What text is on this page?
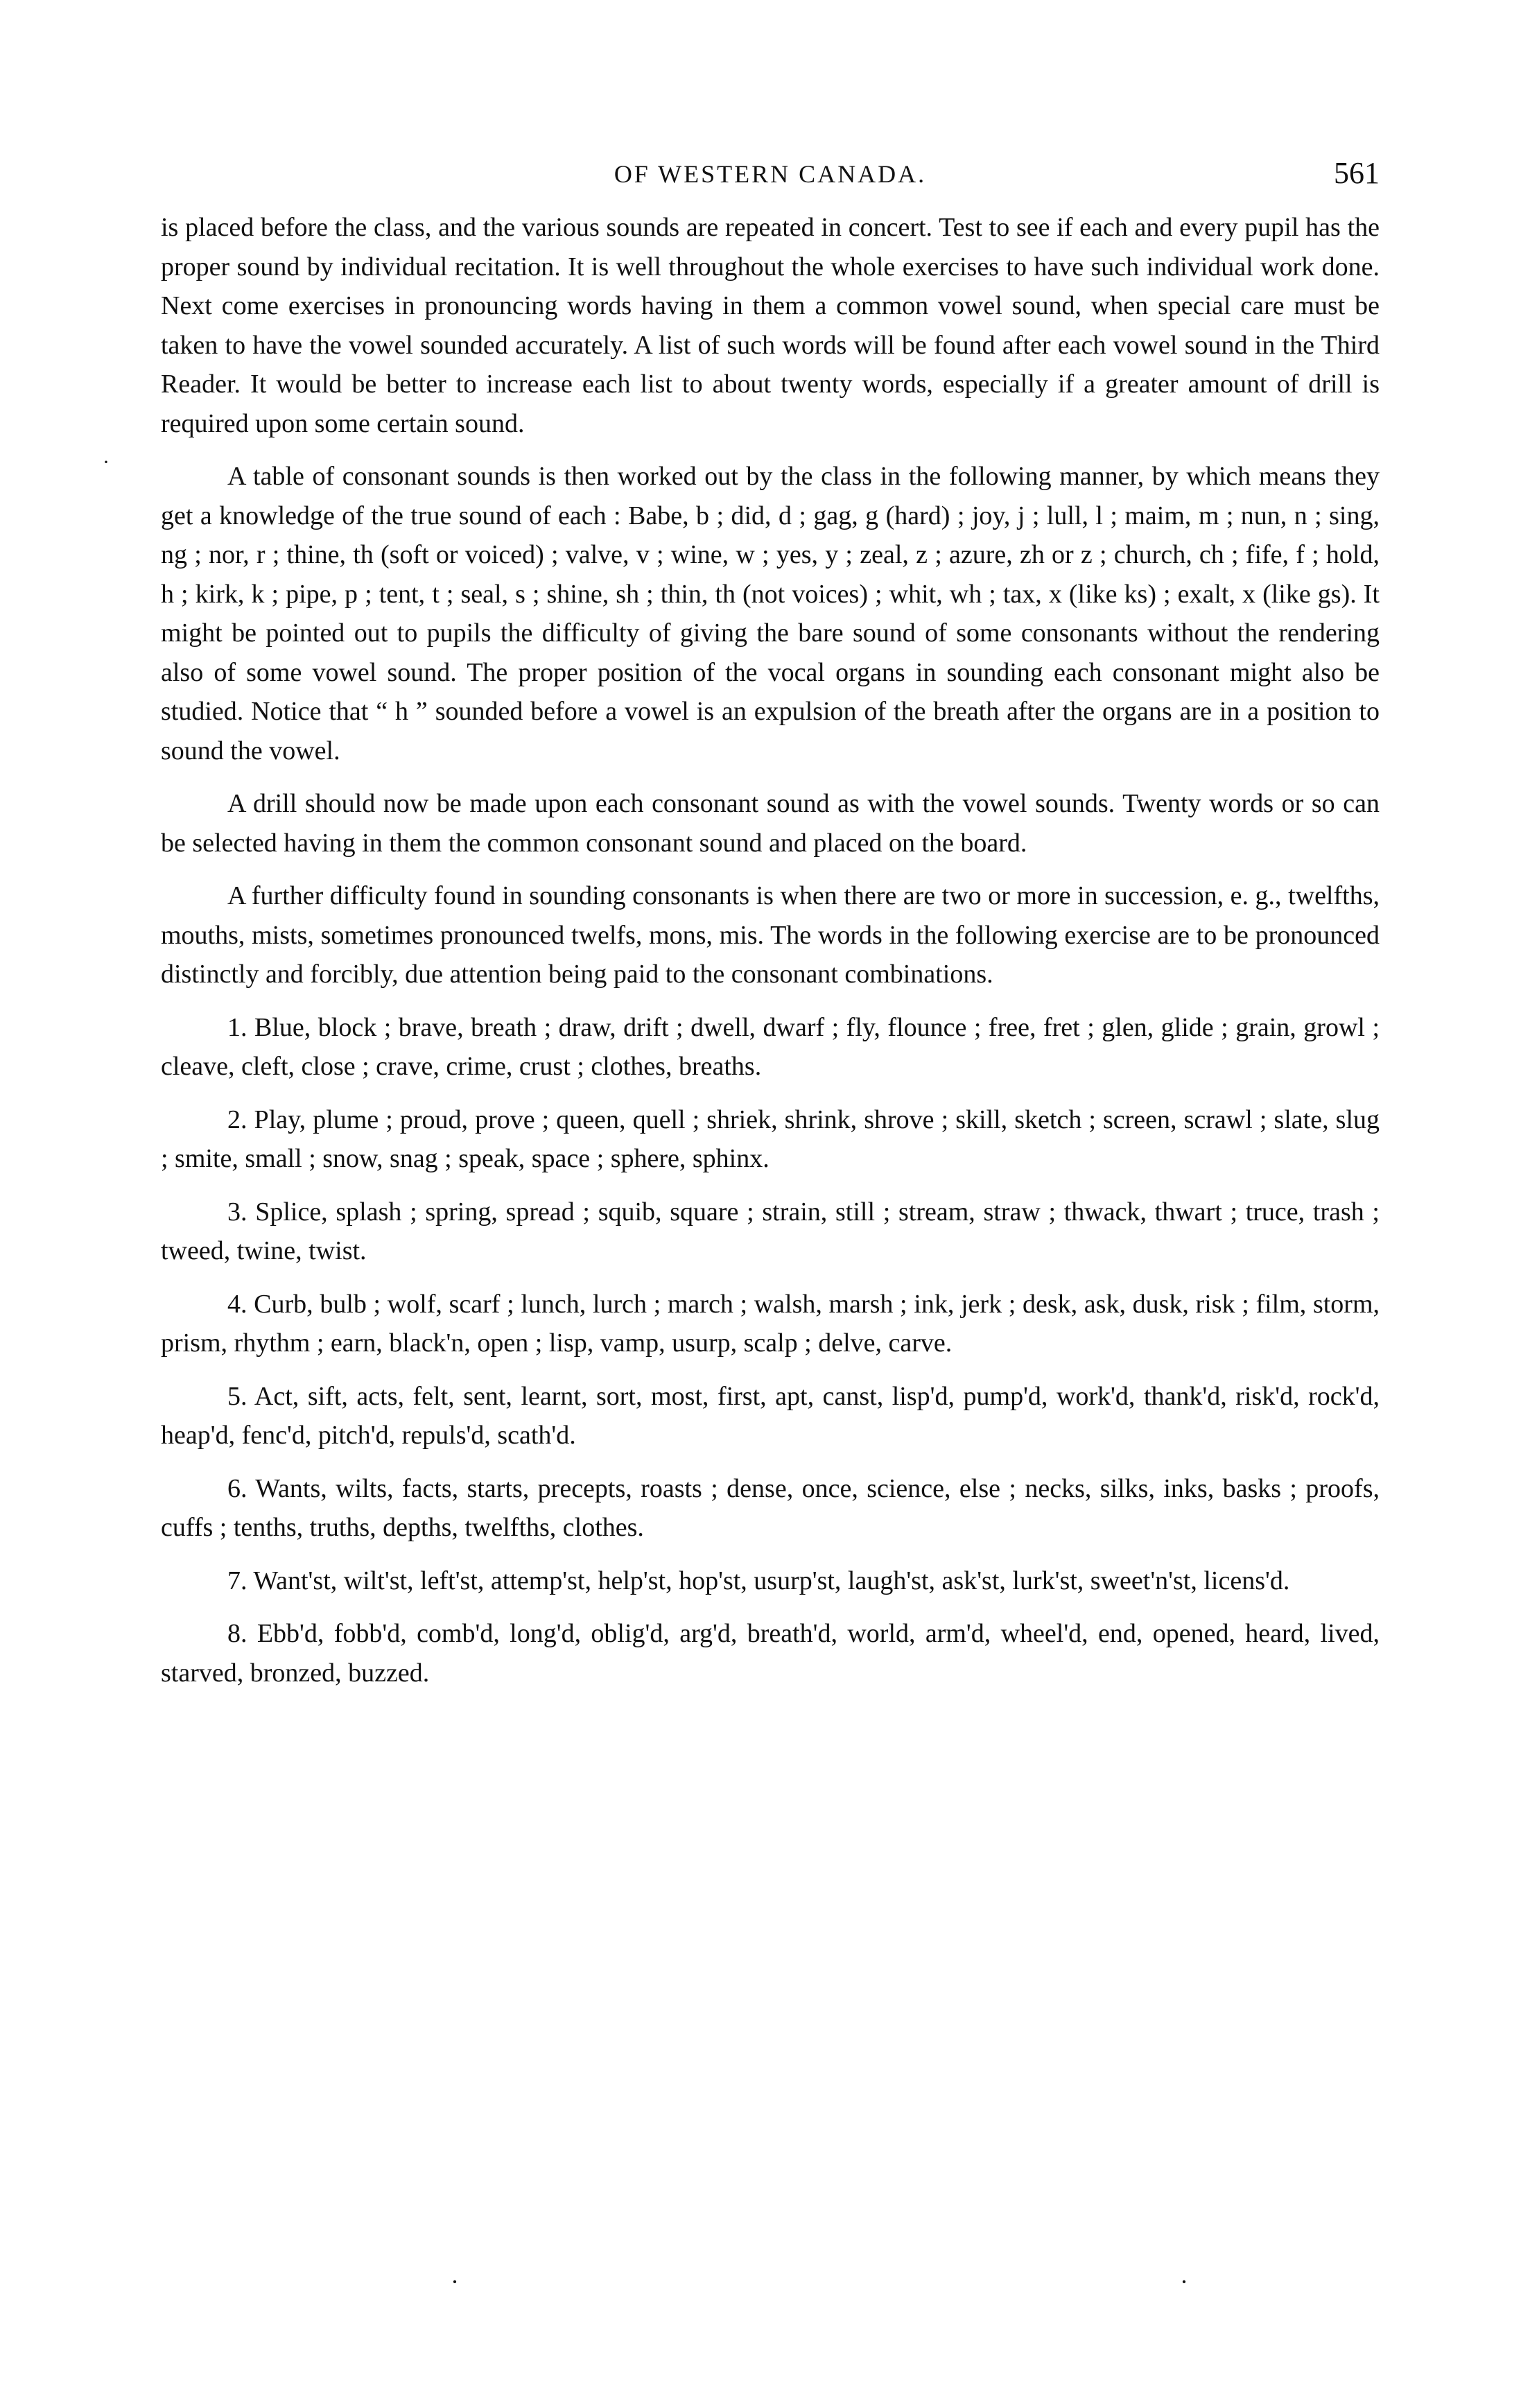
OF WESTERN CANADA.	561

is placed before the class, and the various sounds are repeated in concert. Test to see if each and every pupil has the proper sound by individual recitation. It is well throughout the whole exercises to have such individual work done. Next come exercises in pronouncing words having in them a common vowel sound, when special care must be taken to have the vowel sounded accurately. A list of such words will be found after each vowel sound in the Third Reader. It would be better to increase each list to about twenty words, especially if a greater amount of drill is required upon some certain sound.

A table of consonant sounds is then worked out by the class in the following manner, by which means they get a knowledge of the true sound of each : Babe, b ; did, d ; gag, g (hard) ; joy, j ; lull, l ; maim, m ; nun, n ; sing, ng ; nor, r ; thine, th (soft or voiced) ; valve, v ; wine, w ; yes, y ; zeal, z ; azure, zh or z ; church, ch ; fife, f ; hold, h ; kirk, k ; pipe, p ; tent, t ; seal, s ; shine, sh ; thin, th (not voices) ; whit, wh ; tax, x (like ks) ; exalt, x (like gs). It might be pointed out to pupils the difficulty of giving the bare sound of some consonants without the rendering also of some vowel sound. The proper position of the vocal organs in sounding each consonant might also be studied. Notice that “ h ” sounded before a vowel is an expulsion of the breath after the organs are in a position to sound the vowel.

A drill should now be made upon each consonant sound as with the vowel sounds. Twenty words or so can be selected having in them the common consonant sound and placed on the board.

A further difficulty found in sounding consonants is when there are two or more in succession, e. g., twelfths, mouths, mists, sometimes pronounced twelfs, mons, mis. The words in the following exercise are to be pronounced distinctly and forcibly, due attention being paid to the consonant combinations.

1. Blue, block ; brave, breath ; draw, drift ; dwell, dwarf ; fly, flounce ; free, fret ; glen, glide ; grain, growl ; cleave, cleft, close ; crave, crime, crust ; clothes, breaths.

2. Play, plume ; proud, prove ; queen, quell ; shriek, shrink, shrove ; skill, sketch ; screen, scrawl ; slate, slug ; smite, small ; snow, snag ; speak, space ; sphere, sphinx.

3. Splice, splash ; spring, spread ; squib, square ; strain, still ; stream, straw ; thwack, thwart ; truce, trash ; tweed, twine, twist.

4. Curb, bulb ; wolf, scarf ; lunch, lurch ; march ; walsh, marsh ; ink, jerk ; desk, ask, dusk, risk ; film, storm, prism, rhythm ; earn, black'n, open ; lisp, vamp, usurp, scalp ; delve, carve.

5. Act, sift, acts, felt, sent, learnt, sort, most, first, apt, canst, lisp'd, pump'd, work'd, thank'd, risk'd, rock'd, heap'd, fenc'd, pitch'd, repuls'd, scath'd.

6. Wants, wilts, facts, starts, precepts, roasts ; dense, once, science, else ; necks, silks, inks, basks ; proofs, cuffs ; tenths, truths, depths, twelfths, clothes.

7. Want'st, wilt'st, left'st, attemp'st, help'st, hop'st, usurp'st, laugh'st, ask'st, lurk'st, sweet'n'st, licens'd.

8. Ebb'd, fobb'd, comb'd, long'd, oblig'd, arg'd, breath'd, world, arm'd, wheel'd, end, opened, heard, lived, starved, bronzed, buzzed.

·
·	·
